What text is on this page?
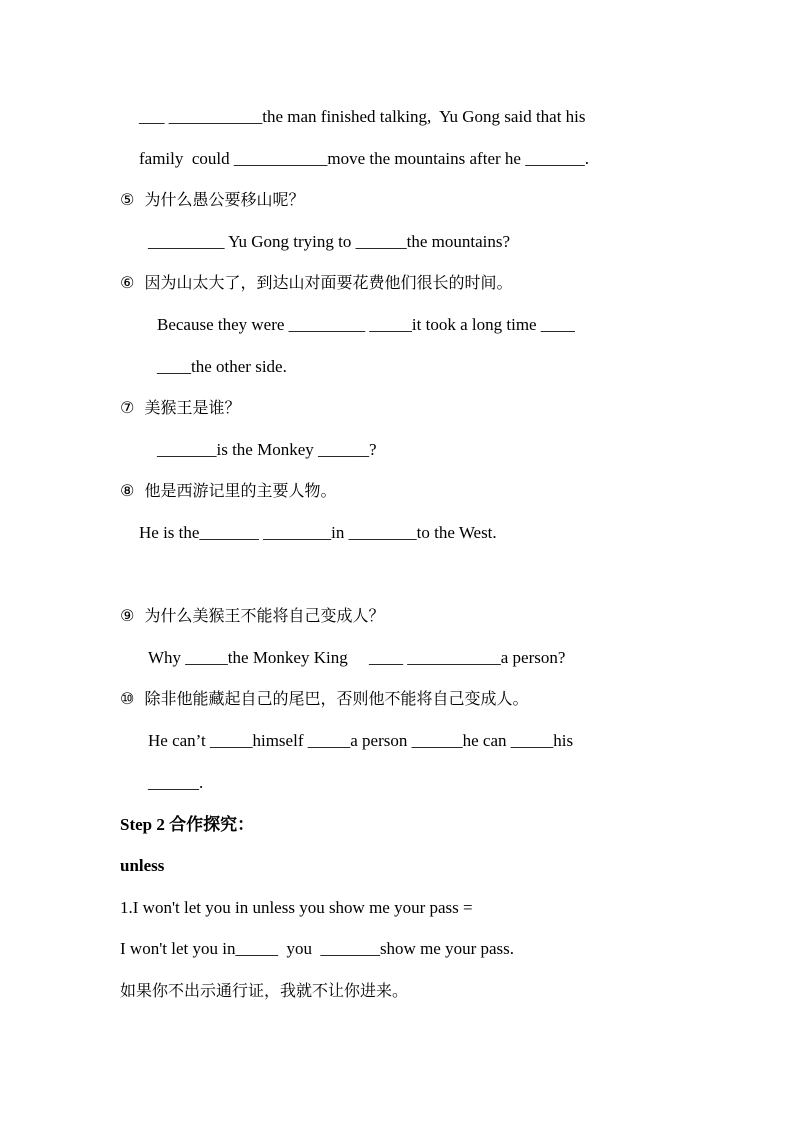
___ ___________the man finished talking,  Yu Gong said that his
family  could ___________move the mountains after he _______.
⑤  为什么愚公要移山呢？
_________ Yu Gong trying to ______the mountains?
⑥  因为山太大了，到达山对面要花费他们很长的时间。
Because they were _________ _____it took a long time ____
____the other side.
⑦  美猴王是谁？
_______is the Monkey ______?
⑧  他是西游记里的主要人物。
He is the_______ ________in ________to the West.
⑨  为什么美猴王不能将自己变成人？
Why _____the Monkey King     ____ ___________a person?
⑩  除非他能藏起自己的尾巴，否则他不能将自己变成人。
He can’t _____himself _____a person ______he can _____his
______.
Step 2 合作探究：
unless
1.I won't let you in unless you show me your pass =
I won't let you in_____  you  _______show me your pass.
如果你不出示通行证，我就不让你进来。
